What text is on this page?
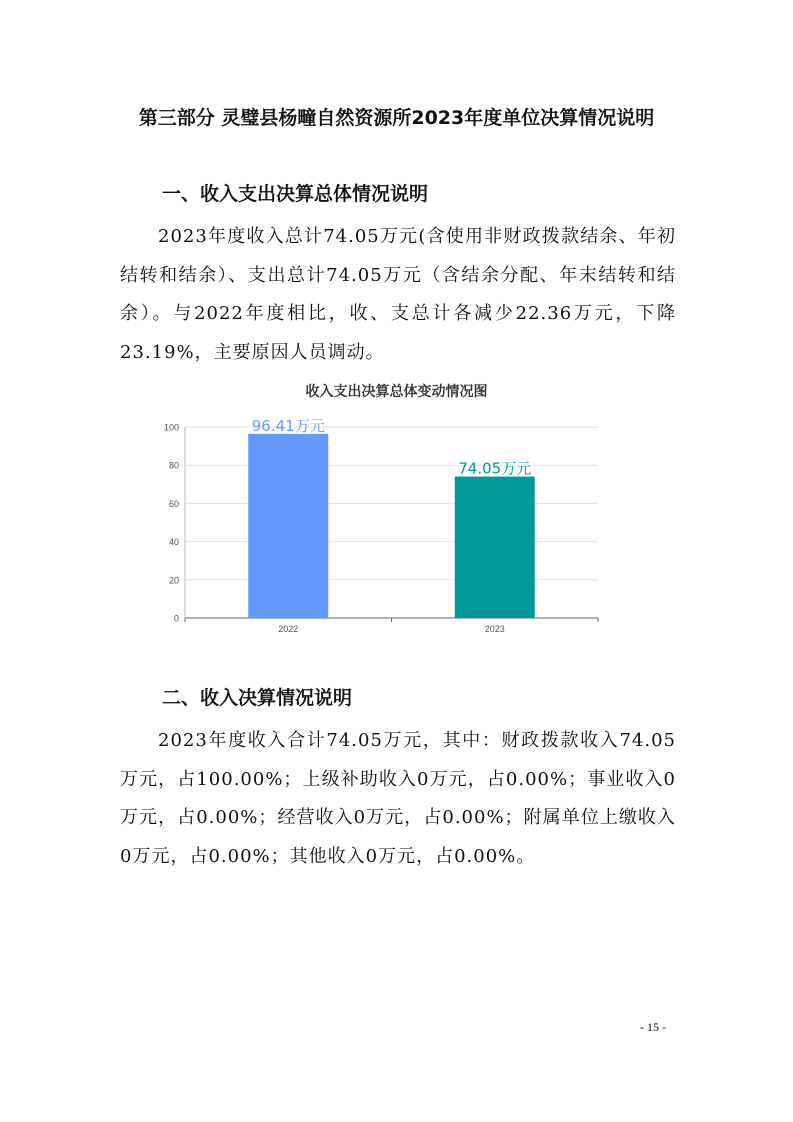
第三部分 灵璧县杨疃自然资源所2023年度单位决算情况说明
一、收入支出决算总体情况说明
2023年度收入总计74.05万元(含使用非财政拨款结余、年初结转和结余）、支出总计74.05万元（含结余分配、年末结转和结余）。与2022年度相比，收、支总计各减少22.36万元，下降23.19%，主要原因人员调动。
收入支出决算总体变动情况图
0
20
40
60
80
100	96.41万元
2022
74.05万元
2023
二、收入决算情况说明
2023年度收入合计74.05万元，其中：财政拨款收入74.05万元，占100.00%；上级补助收入0万元，占0.00%；事业收入0万元，占0.00%；经营收入0万元，占0.00%；附属单位上缴收入0万元，占0.00%；其他收入0万元，占0.00%。
- 15 -
